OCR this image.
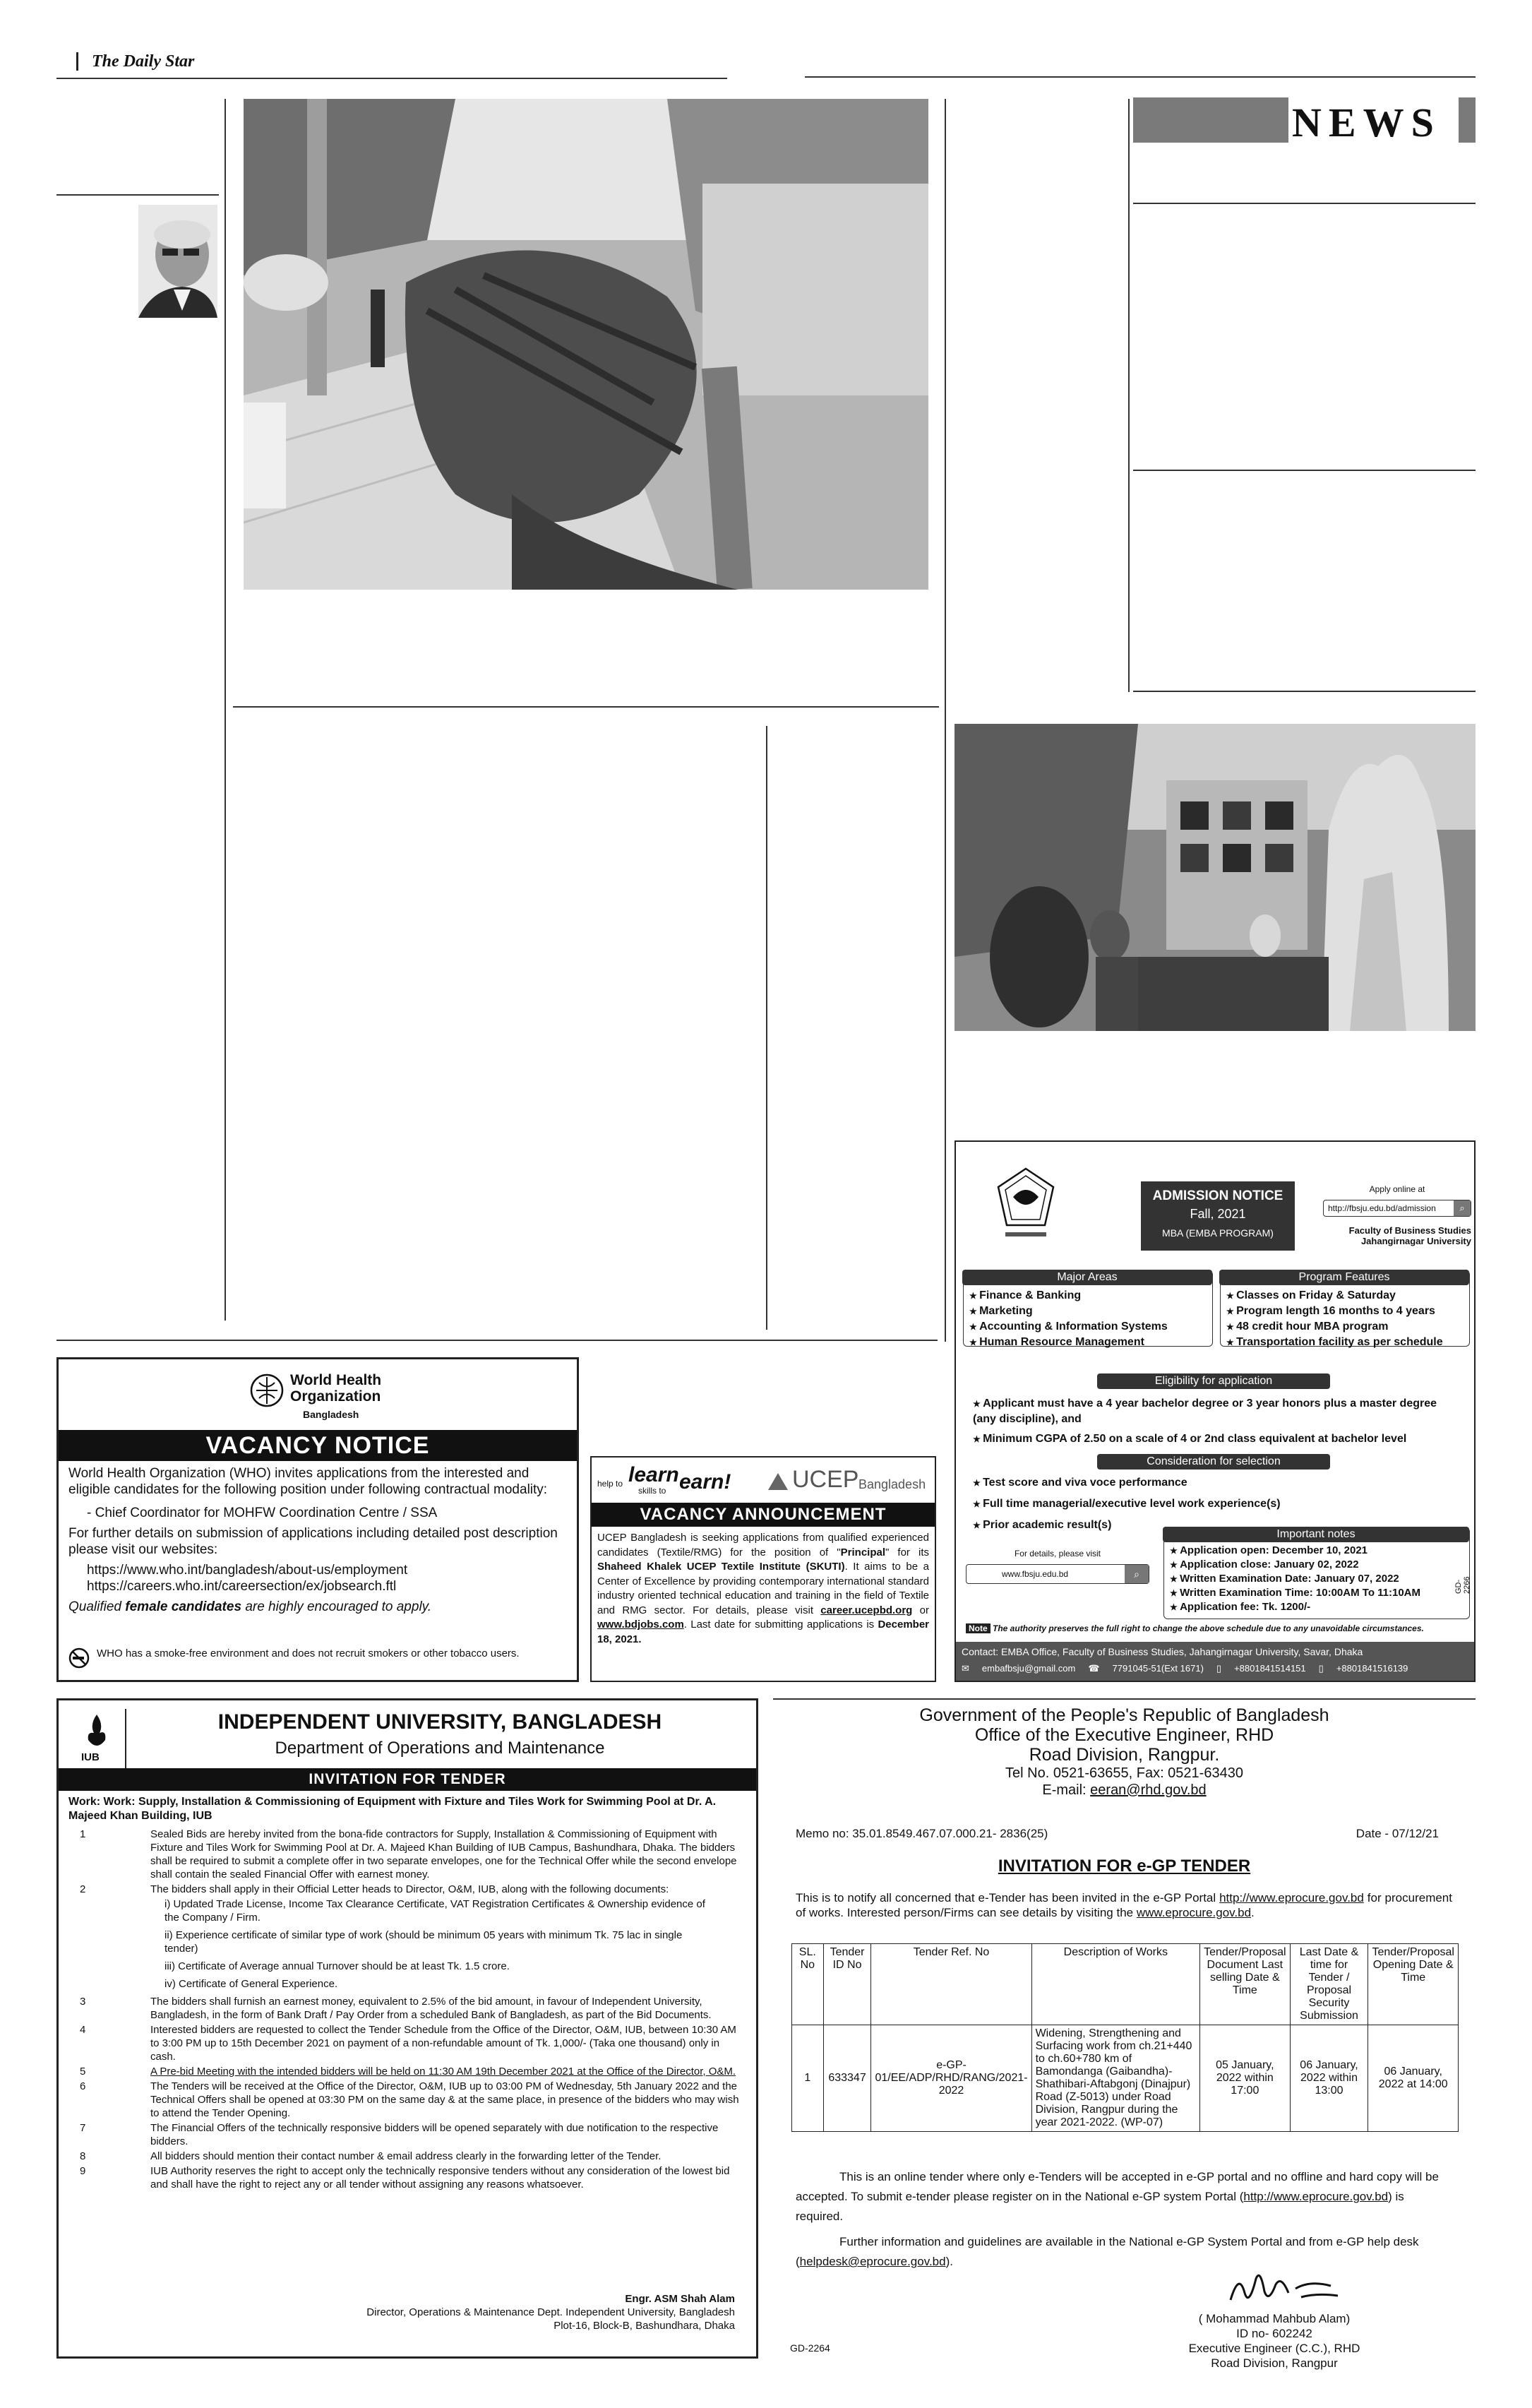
The Daily Star
NEWS
World Health Organization
Bangladesh
VACANCY NOTICE

World Health Organization (WHO) invites applications from the interested and eligible candidates for the following position under following contractual modality:

- Chief Coordinator for MOHFW Coordination Centre / SSA

For further details on submission of applications including detailed post description please visit our websites:

https://www.who.int/bangladesh/about-us/employment

https://careers.who.int/careersection/ex/jobsearch.ftl

Qualified female candidates are highly encouraged to apply.

WHO has a smoke-free environment and does not recruit smokers or other tobacco users.
help to learn
skills to earn!	UCEP Bangladesh
VACANCY ANNOUNCEMENT

UCEP Bangladesh is seeking applications from qualified experienced candidates (Textile/RMG) for the position of "Principal" for its Shaheed Khalek UCEP Textile Institute (SKUTI). It aims to be a Center of Excellence by providing contemporary international standard industry oriented technical education and training in the field of Textile and RMG sector. For details, please visit career.ucepbd.org or www.bdjobs.com. Last date for submitting applications is December 18, 2021.

ADMISSION NOTICE
Fall, 2021
MBA (EMBA PROGRAM)
Apply online at
http://fbsju.edu.bd/admission	⌕
Faculty of Business Studies
Jahangirnagar University
Major Areas
★ Finance & Banking
★ Marketing
★ Accounting & Information Systems
★ Human Resource Management
Program Features
★ Classes on Friday & Saturday
★ Program length 16 months to 4 years
★ 48 credit hour MBA program
★ Transportation facility as per schedule
Eligibility for application
★ Applicant must have a 4 year bachelor degree or 3 year honors plus a master degree (any discipline), and
★ Minimum CGPA of 2.50 on a scale of 4 or 2nd class equivalent at bachelor level
Consideration for selection
★ Test score and viva voce performance
★ Full time managerial/executive level work experience(s)
★ Prior academic result(s)
For details, please visit
www.fbsju.edu.bd	⌕
Important notes
★ Application open: December 10, 2021
★ Application close: January 02, 2022
★ Written Examination Date: January 07, 2022
★ Written Examination Time: 10:00AM To 11:10AM
★ Application fee: Tk. 1200/-
Note The authority preserves the full right to change the above schedule due to any unavoidable circumstances.
GD-2266
Contact: EMBA Office, Faculty of Business Studies, Jahangirnagar University, Savar, Dhaka
✉ embafbsju@gmail.com ☎ 7791045-51(Ext 1671) ▯ +8801841514151 ▯ +8801841516139
IUB
INDEPENDENT UNIVERSITY, BANGLADESH
Department of Operations and Maintenance
INVITATION FOR TENDER
Work: Work: Supply, Installation & Commissioning of Equipment with Fixture and Tiles Work for Swimming Pool at Dr. A. Majeed Khan Building, IUB
1	Sealed Bids are hereby invited from the bona-fide contractors for Supply, Installation & Commissioning of Equipment with Fixture and Tiles Work for Swimming Pool at Dr. A. Majeed Khan Building of IUB Campus, Bashundhara, Dhaka. The bidders shall be required to submit a complete offer in two separate envelopes, one for the Technical Offer while the second envelope shall contain the sealed Financial Offer with earnest money.
2	The bidders shall apply in their Official Letter heads to Director, O&M, IUB, along with the following documents:
i) Updated Trade License, Income Tax Clearance Certificate, VAT Registration Certificates & Ownership evidence of the Company / Firm.
ii) Experience certificate of similar type of work (should be minimum 05 years with minimum Tk. 75 lac in single tender)
iii) Certificate of Average annual Turnover should be at least Tk. 1.5 crore.
iv) Certificate of General Experience.
3	The bidders shall furnish an earnest money, equivalent to 2.5% of the bid amount, in favour of Independent University, Bangladesh, in the form of Bank Draft / Pay Order from a scheduled Bank of Bangladesh, as part of the Bid Documents.
4	Interested bidders are requested to collect the Tender Schedule from the Office of the Director, O&M, IUB, between 10:30 AM to 3:00 PM up to 15th December 2021 on payment of a non-refundable amount of Tk. 1,000/- (Taka one thousand) only in cash.
5	A Pre-bid Meeting with the intended bidders will be held on 11:30 AM 19th December 2021 at the Office of the Director, O&M.
6	The Tenders will be received at the Office of the Director, O&M, IUB up to 03:00 PM of Wednesday, 5th January 2022 and the Technical Offers shall be opened at 03:30 PM on the same day & at the same place, in presence of the bidders who may wish to attend the Tender Opening.
7	The Financial Offers of the technically responsive bidders will be opened separately with due notification to the respective bidders.
8	All bidders should mention their contact number & email address clearly in the forwarding letter of the Tender.
9	IUB Authority reserves the right to accept only the technically responsive tenders without any consideration of the lowest bid and shall have the right to reject any or all tender without assigning any reasons whatsoever.
Engr. ASM Shah Alam
Director, Operations & Maintenance Dept. Independent University, Bangladesh
Plot-16, Block-B, Bashundhara, Dhaka
Government of the People's Republic of Bangladesh
Office of the Executive Engineer, RHD
Road Division, Rangpur.
Tel No. 0521-63655, Fax: 0521-63430
E-mail: eeran@rhd.gov.bd
Memo no: 35.01.8549.467.07.000.21- 2836(25)	Date - 07/12/21
INVITATION FOR e-GP TENDER

This is to notify all concerned that e-Tender has been invited in the e-GP Portal http://www.eprocure.gov.bd for procurement of works. Interested person/Firms can see details by visiting the www.eprocure.gov.bd.

SL. No	Tender ID No	Tender Ref. No	Description of Works	Tender/Proposal Document Last selling Date & Time	Last Date & time for Tender / Proposal Security Submission	Tender/Proposal Opening Date & Time
1	633347	e-GP-01/EE/ADP/RHD/RANG/2021-2022	Widening, Strengthening and Surfacing work from ch.21+440 to ch.60+780 km of Bamondanga (Gaibandha)-Shathibari-Aftabgonj (Dinajpur) Road (Z-5013) under Road Division, Rangpur during the year 2021-2022. (WP-07)	05 January, 2022 within 17:00	06 January, 2022 within 13:00	06 January, 2022 at 14:00

This is an online tender where only e-Tenders will be accepted in e-GP portal and no offline and hard copy will be accepted. To submit e-tender please register on in the National e-GP system Portal (http://www.eprocure.gov.bd) is required.

Further information and guidelines are available in the National e-GP System Portal and from e-GP help desk (helpdesk@eprocure.gov.bd).

( Mohammad Mahbub Alam)
ID no- 602242
Executive Engineer (C.C.), RHD
Road Division, Rangpur
GD-2264
